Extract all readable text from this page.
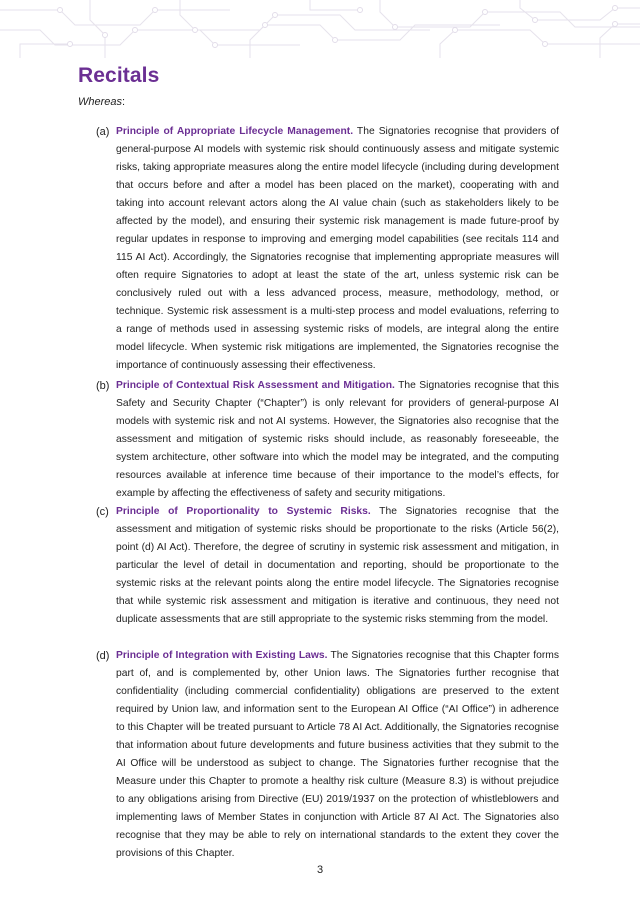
Recitals

Whereas:

(a) Principle of Appropriate Lifecycle Management. The Signatories recognise that providers of general-purpose AI models with systemic risk should continuously assess and mitigate systemic risks, taking appropriate measures along the entire model lifecycle (including during development that occurs before and after a model has been placed on the market), cooperating with and taking into account relevant actors along the AI value chain (such as stakeholders likely to be affected by the model), and ensuring their systemic risk management is made future-proof by regular updates in response to improving and emerging model capabilities (see recitals 114 and 115 AI Act). Accordingly, the Signatories recognise that implementing appropriate measures will often require Signatories to adopt at least the state of the art, unless systemic risk can be conclusively ruled out with a less advanced process, measure, methodology, method, or technique. Systemic risk assessment is a multi-step process and model evaluations, referring to a range of methods used in assessing systemic risks of models, are integral along the entire model lifecycle. When systemic risk mitigations are implemented, the Signatories recognise the importance of continuously assessing their effectiveness.

(b) Principle of Contextual Risk Assessment and Mitigation. The Signatories recognise that this Safety and Security Chapter (“Chapter”) is only relevant for providers of general-purpose AI models with systemic risk and not AI systems. However, the Signatories also recognise that the assessment and mitigation of systemic risks should include, as reasonably foreseeable, the system architecture, other software into which the model may be integrated, and the computing resources available at inference time because of their importance to the model’s effects, for example by affecting the effectiveness of safety and security mitigations.

(c) Principle of Proportionality to Systemic Risks. The Signatories recognise that the assessment and mitigation of systemic risks should be proportionate to the risks (Article 56(2), point (d) AI Act). Therefore, the degree of scrutiny in systemic risk assessment and mitigation, in particular the level of detail in documentation and reporting, should be proportionate to the systemic risks at the relevant points along the entire model lifecycle. The Signatories recognise that while systemic risk assessment and mitigation is iterative and continuous, they need not duplicate assessments that are still appropriate to the systemic risks stemming from the model.

(d) Principle of Integration with Existing Laws. The Signatories recognise that this Chapter forms part of, and is complemented by, other Union laws. The Signatories further recognise that confidentiality (including commercial confidentiality) obligations are preserved to the extent required by Union law, and information sent to the European AI Office (“AI Office”) in adherence to this Chapter will be treated pursuant to Article 78 AI Act. Additionally, the Signatories recognise that information about future developments and future business activities that they submit to the AI Office will be understood as subject to change. The Signatories further recognise that the Measure under this Chapter to promote a healthy risk culture (Measure 8.3) is without prejudice to any obligations arising from Directive (EU) 2019/1937 on the protection of whistleblowers and implementing laws of Member States in conjunction with Article 87 AI Act. The Signatories also recognise that they may be able to rely on international standards to the extent they cover the provisions of this Chapter.

3
